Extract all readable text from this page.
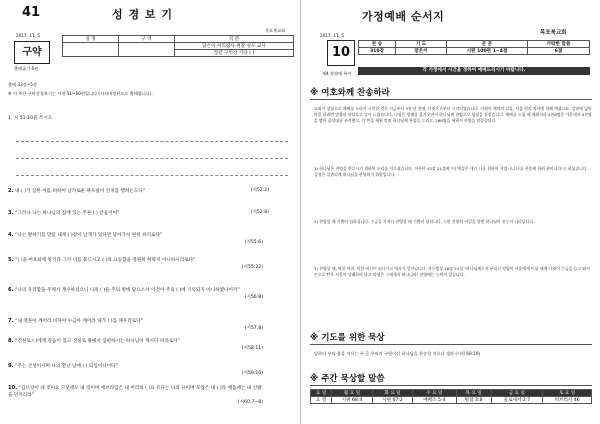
41	성 경 보 기
2017. 11. 5
목포북교회
구약
출애굽기·6권
성 명	구 역	직 분
		담은이 서리집사 권찰 성도 교사
		장년 구역장 기타 ( )
출애 33장~5장
※ 이 주간 구약성경보기는 시편 51~60편입니다 (저자내정된으로 출애합니다).
1. 시 51:10을 쓰시오.
2. 내 ( )가 심한 이를 비하여 날카로운 하도살이 안치를 행하는도다”	(시52:2)
3. “그러나 나는 하나님의 집에 있는 푸른 ( ) 같음이여”	(시52:8)
4. “나는 발하기를 만일 내게 ( )같이 날개가 있다면 날아가서 편히 쉬리로다”
(시55:6)
5. “( )을 여호와께 맡기라 그가 너를 붙드시고 ( )의 요동함을 영원히 허락지 아니하시리로다”
(시55:22)
6. “나의 유리함을 주께서 계수하셨으니 나의 ( )을 주의 병에 담으소서 이것이 주의 ( )에 기록되지 아니하였나이까”
(시56:8)
7. “내 영혼아 깨어라 비파야 수금아 깨어라 내가 ( )를 깨우리로다”
(시57:8)
8. “진실로 ( )에게 갚음이 있고 진실로 땅에서 심판하시는 하나님이 계시다 하리로다”
(시58:11)
9. “주는 산성이시며 나의 환난 날에 ( ) 되심이니이다”
(시59:16)
10. “김르앗이 내 것이요 므낫세도 내 것이며 에브라임은 내 머리의 ( )요 유다는 나의 규이며 모압은 내 ( )라 에돔에는 내 신발을 던지리라”
(시60:7~8)
가정예배 순서지
목포북교회
2017. 11. 5
10
제4 장월에 특자
찬 송	기 도	본 문	가락한 말씀
310장	맡은이	시편 100편 1~4절	6절
각 가정에서 시간을 정하여 예배드리시기 바랍니다.
※ 여호와께 찬송하라
교회가 창립으로 예배를 드리기 시작한 것은 지금부터 3천 년 전에, 다윗으로부터 시작되었습니다. 다윗이 계약의 일을, 사울 형의 치사에 의해 계셨고요. 강점에 넣어야을 하려면 말씀과 찬양으로 감사 드렸습니다. 다윗은 법궤를 옮기오면서 하나님께 찬양으로 영광을 돌렸습니다. 예배를 드릴 때 레위지파 4천8명은 가운데서 4천명을 뽑아 음악대를 조직했고, 각 반을 세워 말씀 하나님께 찬양을 드리고, 288명을 세워서 찬양을 맡겼습니다.
1) 하나님은 찬양을 받으시기 위하여 우리를 지으셨습니다. 이사야 43장 21절에 "이 백성은 내가 나를 위하여 지었나니 나를 찬송케 하려 함이니라"고 하셨습니다. 성경은 일관되게 하나님을 찬양하기 위함입니다.
2) 찬양할 때 기쁨이 임하십니다. 수금을 가져다 찬양할 때 기쁨이 넘칩니다. 시편 찬양의 비밀을 알면 하나님의 권능이 나타납니다.
3) 찬양할 때, 악한 마귀, 악한 귀신이 떠나가고 역사가 일어납니다. 사무엘상 16장 23절 "하나님께로서 부리신 악령이 사울에게 이를 때에 다윗이 수금을 들고 와서 손으로 탄즉 사울이 상쾌하여 낫고 악령은 그에게서 떠나니라" 찬양에는 능력이 있습니다.
※ 기도를 위한 묵상
당하다 우리 함을 지시는 주 곧 우리의 구원이신 하나님을 찬송할 지로다 셀라 (시편 68:19)
※ 주간 묵상할 말씀
요 일	월 요 일	화 요 일	수 요 일	목 요 일	금 요 일	토 요 일
요 절	시편 68:4	시편 67:2	예베소 5:4	빌립 3:8	골로새서 2:7	히브리서 46
